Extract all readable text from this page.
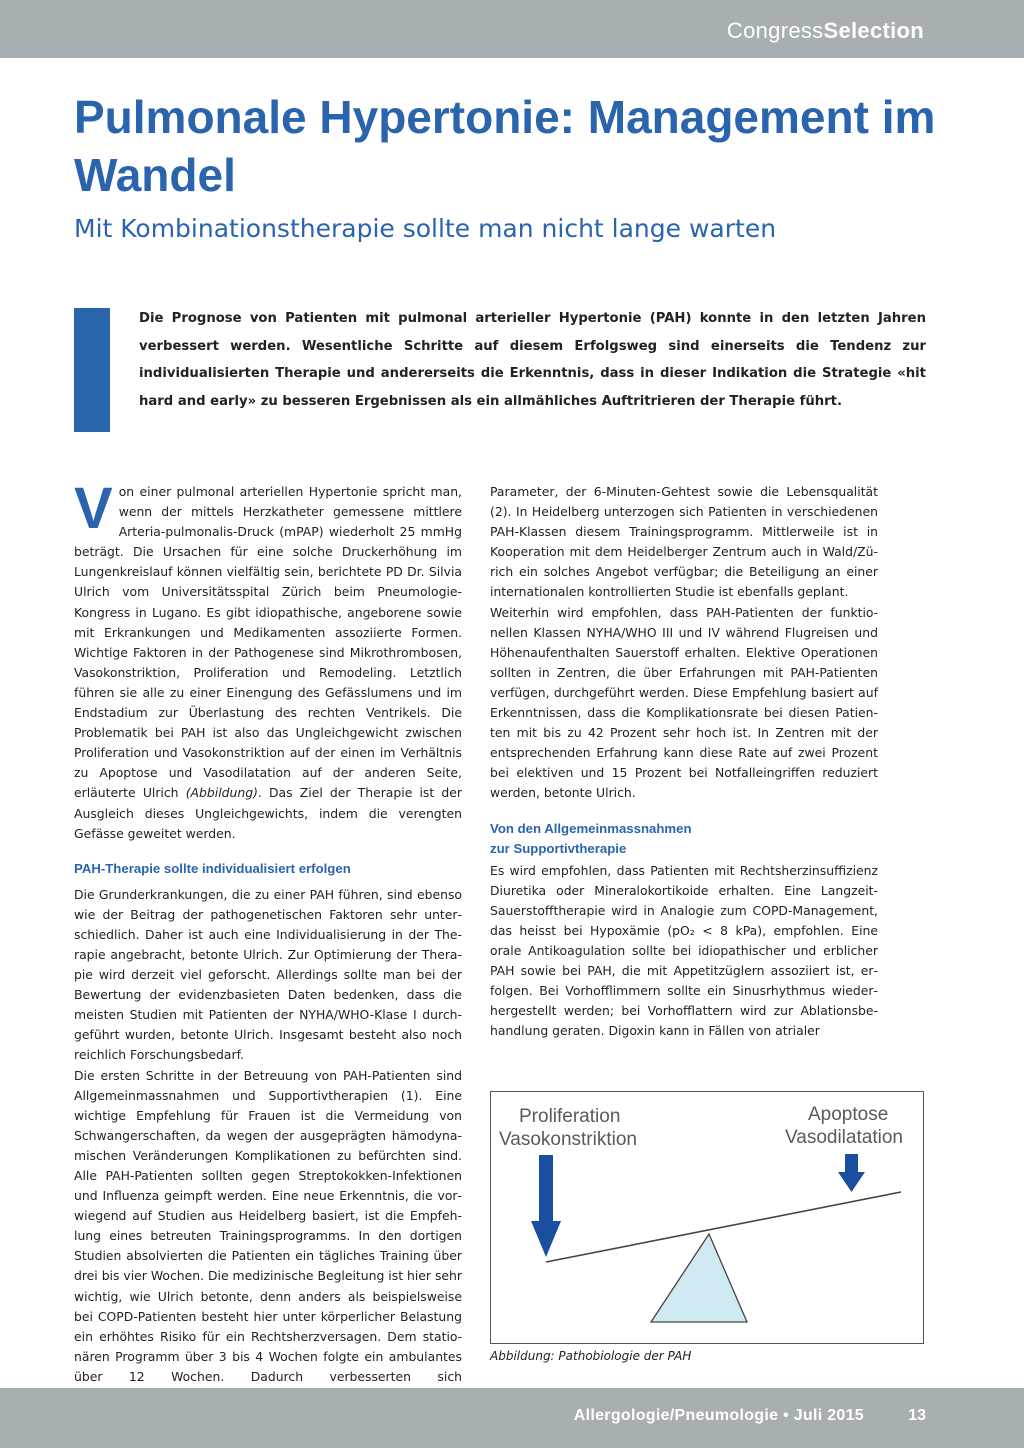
CongressSelection
Pulmonale Hypertonie: Management im Wandel
Mit Kombinationstherapie sollte man nicht lange warten

Die Prognose von Patienten mit pulmonal arterieller Hypertonie (PAH) konnte in den letzten Jahren verbessert werden. Wesentliche Schritte auf diesem Erfolgsweg sind einerseits die Tendenz zur individualisierten Therapie und andererseits die Erkenntnis, dass in dieser Indikation die Strategie «hit hard and early» zu besseren Ergebnissen als ein allmähliches Auftritrieren der Therapie führt.

V on einer pulmonal arteriellen Hypertonie spricht man, wenn der mittels Herzkatheter gemessene mittlere Arteria-pulmonalis-Druck (mPAP) wiederholt 25 mmHg beträgt. Die Ursachen für eine solche Druckerhöhung im Lungenkreislauf können vielfältig sein, berichtete PD Dr. Silvia Ulrich vom Universitätsspital Zürich beim Pneumologie-Kongress in Lugano. Es gibt idiopathische, angeborene sowie mit Erkrankungen und Medikamenten assoziierte Formen. Wichtige Faktoren in der Pathogenese sind Mikrothrombosen, Vasokonstriktion, Proliferation und Remodeling. Letztlich führen sie alle zu einer Einengung des Gefässlumens und im Endstadium zur Überlastung des rechten Ventrikels. Die Problematik bei PAH ist also das Ungleichgewicht zwischen Proliferation und Vasokonstriktion auf der einen im Verhältnis zu Apoptose und Vasodilatation auf der anderen Seite, erläuterte Ulrich (Abbildung). Das Ziel der Therapie ist der Ausgleich dieses Ungleichgewichts, indem die verengten Gefässe geweitet werden.

PAH-Therapie sollte individualisiert erfolgen

Die Grunderkrankungen, die zu einer PAH führen, sind ebenso wie der Beitrag der pathogenetischen Faktoren sehr unterschiedlich. Daher ist auch eine Individualisierung in der Therapie angebracht, betonte Ulrich. Zur Optimierung der Therapie wird derzeit viel geforscht. Allerdings sollte man bei der Bewertung der evidenzbasieten Daten bedenken, dass die meisten Studien mit Patienten der NYHA/WHO-Klase I durchgeführt wurden, betonte Ulrich. Insgesamt besteht also noch reichlich Forschungsbedarf.

Die ersten Schritte in der Betreuung von PAH-Patienten sind Allgemeinmassnahmen und Supportivtherapien (1). Eine wichtige Empfehlung für Frauen ist die Vermeidung von Schwangerschaften, da wegen der ausgeprägten hämodynamischen Veränderungen Komplikationen zu befürchten sind. Alle PAH-Patienten sollten gegen Streptokokken-Infektionen und Influenza geimpft werden. Eine neue Erkenntnis, die vorwiegend auf Studien aus Heidelberg basiert, ist die Empfehlung eines betreuten Trainingsprogramms. In den dortigen Studien absolvierten die Patienten ein tägliches Training über drei bis vier Wochen. Die medizinische Begleitung ist hier sehr wichtig, wie Ulrich betonte, denn anders als beispielsweise bei COPD-Patienten besteht hier unter körperlicher Belastung ein erhöhtes Risiko für ein Rechtsherzversagen. Dem stationären Programm über 3 bis 4 Wochen folgte ein ambulantes über 12 Wochen. Dadurch verbesserten sich

Parameter, der 6-Minuten-Gehtest sowie die Lebensqualität (2). In Heidelberg unterzogen sich Patienten in verschiedenen PAH-Klassen diesem Trainingsprogramm. Mittlerweile ist in Kooperation mit dem Heidelberger Zentrum auch in Wald/Zürich ein solches Angebot verfügbar; die Beteiligung an einer internationalen kontrollierten Studie ist ebenfalls geplant.

Weiterhin wird empfohlen, dass PAH-Patienten der funktionellen Klassen NYHA/WHO III und IV während Flugreisen und Höhenaufenthalten Sauerstoff erhalten. Elektive Operationen sollten in Zentren, die über Erfahrungen mit PAH-Patienten verfügen, durchgeführt werden. Diese Empfehlung basiert auf Erkenntnissen, dass die Komplikationsrate bei diesen Patienten mit bis zu 42 Prozent sehr hoch ist. In Zentren mit der entsprechenden Erfahrung kann diese Rate auf zwei Prozent bei elektiven und 15 Prozent bei Notfalleingriffen reduziert werden, betonte Ulrich.

Von den Allgemeinmassnahmen
zur Supportivtherapie

Es wird empfohlen, dass Patienten mit Rechtsherzinsuffizienz Diuretika oder Mineralokortikoide erhalten. Eine Langzeit-Sauerstofftherapie wird in Analogie zum COPD-Management, das heisst bei Hypoxämie (pO₂ < 8 kPa), empfohlen. Eine orale Antikoagulation sollte bei idiopathischer und erblicher PAH sowie bei PAH, die mit Appetitzüglern assoziiert ist, erfolgen. Bei Vorhofflimmern sollte ein Sinusrhythmus wiederhergestellt werden; bei Vorhofflattern wird zur Ablationsbehandlung geraten. Digoxin kann in Fällen von atrialer

Proliferation
Vasokonstriktion
Apoptose
Vasodilatation
Abbildung: Pathobiologie der PAH
Allergologie/Pneumologie • Juli 2015	13
